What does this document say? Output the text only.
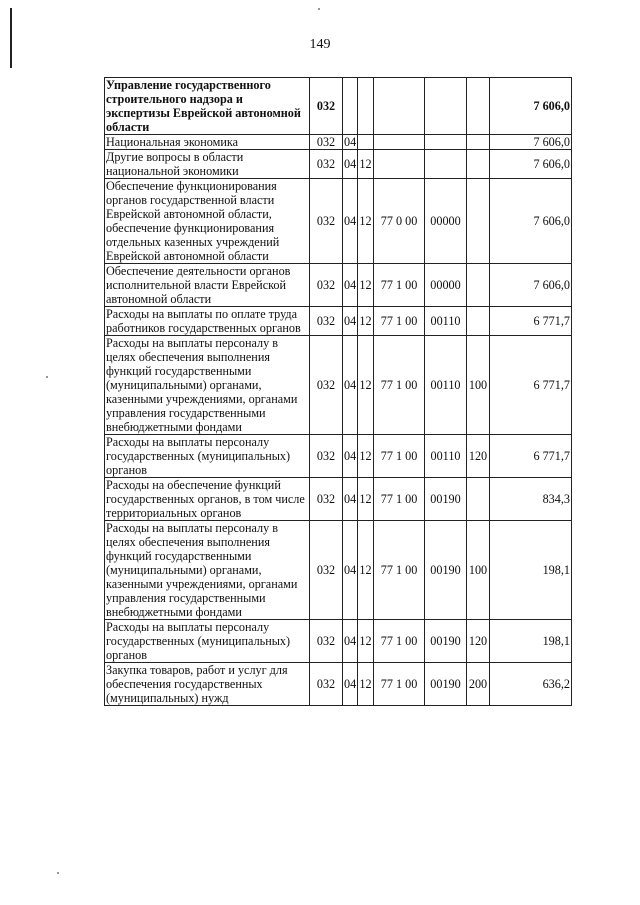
149
Управление государственного строительного надзора и экспертизы Еврейской автономной области	032						7 606,0
Национальная экономика	032	04					7 606,0
Другие вопросы в области национальной экономики	032	04	12				7 606,0
Обеспечение функционирования органов государственной власти Еврейской автономной области, обеспечение функционирования отдельных казенных учреждений Еврейской автономной области	032	04	12	77 0 00	00000		7 606,0
Обеспечение деятельности органов исполнительной власти Еврейской автономной области	032	04	12	77 1 00	00000		7 606,0
Расходы на выплаты по оплате труда работников государственных органов	032	04	12	77 1 00	00110		6 771,7
Расходы на выплаты персоналу в целях обеспечения выполнения функций государственными (муниципальными) органами, казенными учреждениями, органами управления государственными внебюджетными фондами	032	04	12	77 1 00	00110	100	6 771,7
Расходы на выплаты персоналу государственных (муниципальных) органов	032	04	12	77 1 00	00110	120	6 771,7
Расходы на обеспечение функций государственных органов, в том числе территориальных органов	032	04	12	77 1 00	00190		834,3
Расходы на выплаты персоналу в целях обеспечения выполнения функций государственными (муниципальными) органами, казенными учреждениями, органами управления государственными внебюджетными фондами	032	04	12	77 1 00	00190	100	198,1
Расходы на выплаты персоналу государственных (муниципальных) органов	032	04	12	77 1 00	00190	120	198,1
Закупка товаров, работ и услуг для обеспечения государственных (муниципальных) нужд	032	04	12	77 1 00	00190	200	636,2
